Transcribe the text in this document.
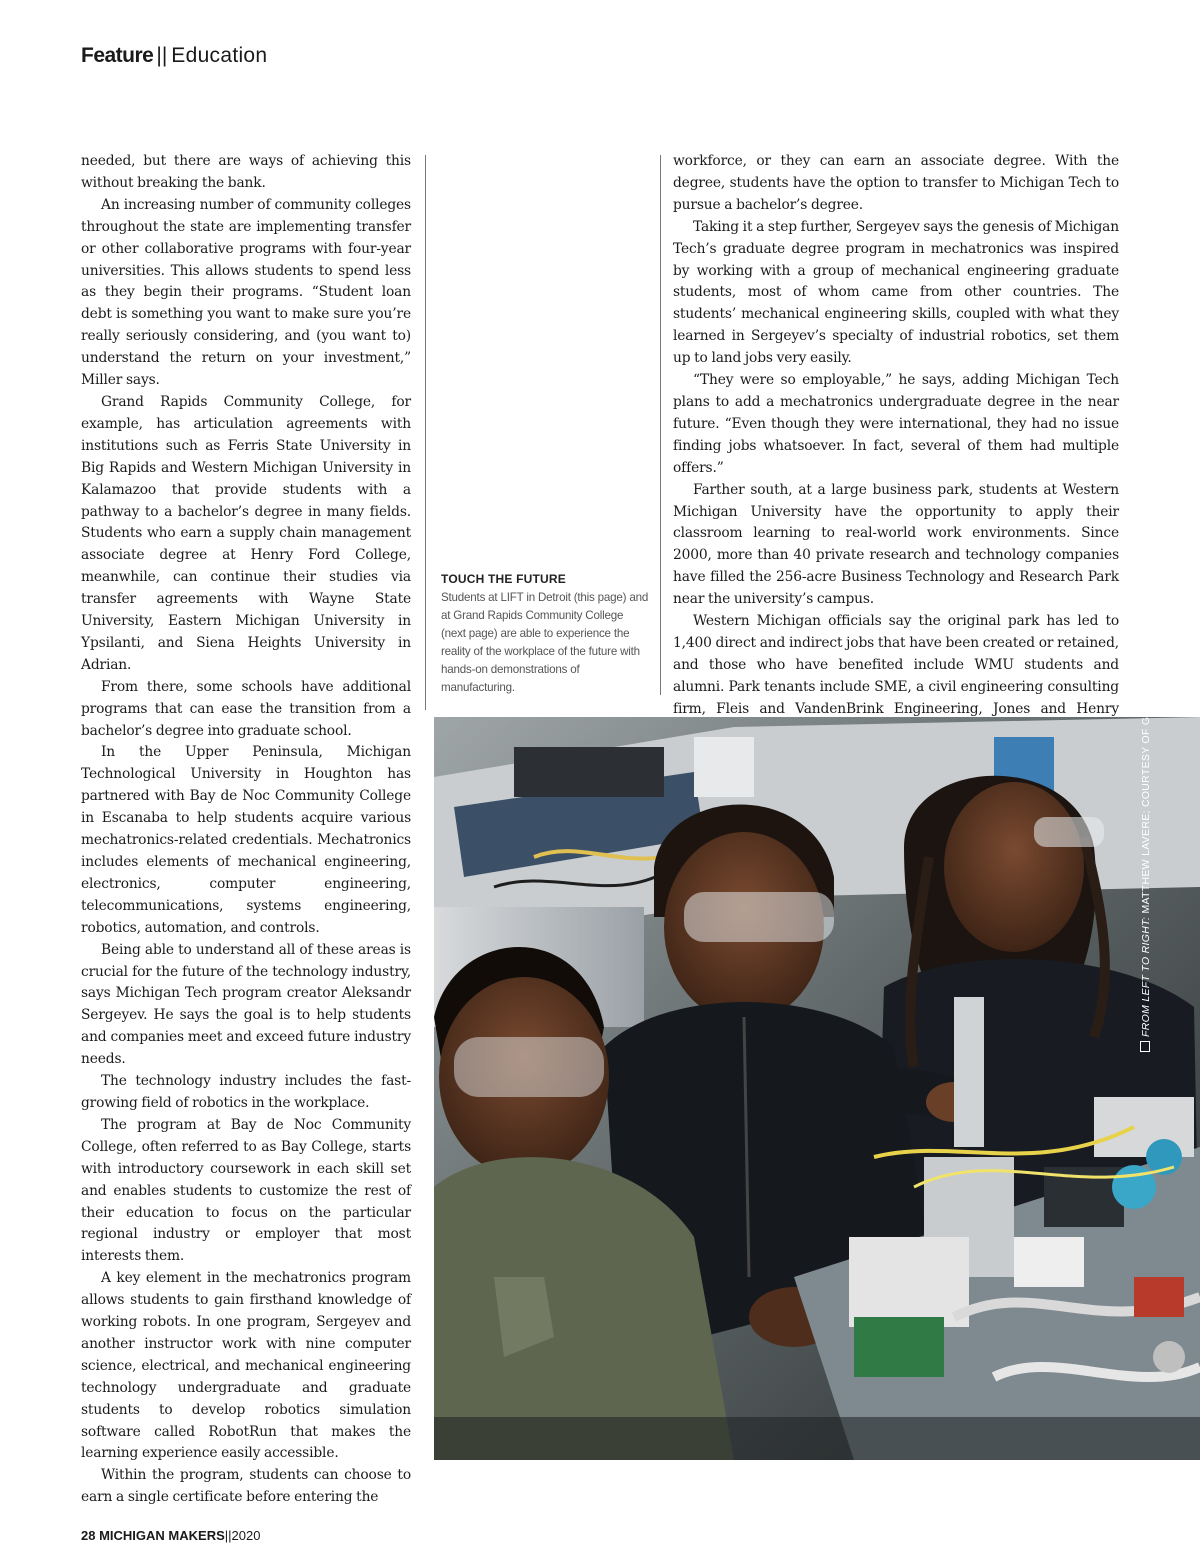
Feature || Education

needed, but there are ways of achieving this without breaking the bank.

An increasing number of community colleges throughout the state are implementing transfer or other collaborative programs with four-year universities. This allows students to spend less as they begin their programs. “Student loan debt is something you want to make sure you’re really seriously considering, and (you want to) understand the return on your investment,” Miller says.

Grand Rapids Community College, for example, has articulation agreements with institutions such as Ferris State University in Big Rapids and Western Michigan University in Kalamazoo that provide students with a pathway to a bachelor’s degree in many fields. Students who earn a supply chain management associate degree at Henry Ford College, meanwhile, can continue their studies via transfer agreements with Wayne State University, Eastern Michigan University in Ypsilanti, and Siena Heights University in Adrian.

From there, some schools have additional programs that can ease the transition from a bachelor’s degree into graduate school.

In the Upper Peninsula, Michigan Technological University in Houghton has partnered with Bay de Noc Community College in Escanaba to help students acquire various mechatronics-related credentials. Mechatronics includes elements of mechanical engineering, electronics, computer engineering, telecommunications, systems engineering, robotics, automation, and controls.

Being able to understand all of these areas is crucial for the future of the technology industry, says Michigan Tech program creator Aleksandr Sergeyev. He says the goal is to help students and companies meet and exceed future industry needs.

The technology industry includes the fast-growing field of robotics in the workplace.

The program at Bay de Noc Community College, often referred to as Bay College, starts with introductory coursework in each skill set and enables students to customize the rest of their education to focus on the particular regional industry or employer that most interests them.

A key element in the mechatronics program allows students to gain firsthand knowledge of working robots. In one program, Sergeyev and another instructor work with nine computer science, electrical, and mechanical engineering technology undergraduate and graduate students to develop robotics simulation software called RobotRun that makes the learning experience easily accessible.

Within the program, students can choose to earn a single certificate before entering the

TOUCH THE FUTURE
Students at LIFT in Detroit (this page) and at Grand Rapids Community College (next page) are able to experience the reality of the workplace of the future with hands-on demonstrations of manufacturing.

workforce, or they can earn an associate degree. With the degree, students have the option to transfer to Michigan Tech to pursue a bachelor’s degree.

Taking it a step further, Sergeyev says the genesis of Michigan Tech’s graduate degree program in mechatronics was inspired by working with a group of mechanical engineering graduate students, most of whom came from other countries. The students’ mechanical engineering skills, coupled with what they learned in Sergeyev’s specialty of industrial robotics, set them up to land jobs very easily.

“They were so employable,” he says, adding Michigan Tech plans to add a mechatronics undergraduate degree in the near future. “Even though they were international, they had no issue finding jobs whatsoever. In fact, several of them had multiple offers.”

Farther south, at a large business park, students at Western Michigan University have the opportunity to apply their classroom learning to real-world work environments. Since 2000, more than 40 private research and technology companies have filled the 256-acre Business Technology and Research Park near the university’s campus.

Western Michigan officials say the original park has led to 1,400 direct and indirect jobs that have been created or retained, and those who have benefited include WMU students and alumni. Park tenants include SME, a civil engineering consulting firm, Fleis and VandenBrink Engineering, Jones and Henry

FROM LEFT TO RIGHT: MATTHEW LAVERE; COURTESY OF GRCC
28 MICHIGAN MAKERS||2020
